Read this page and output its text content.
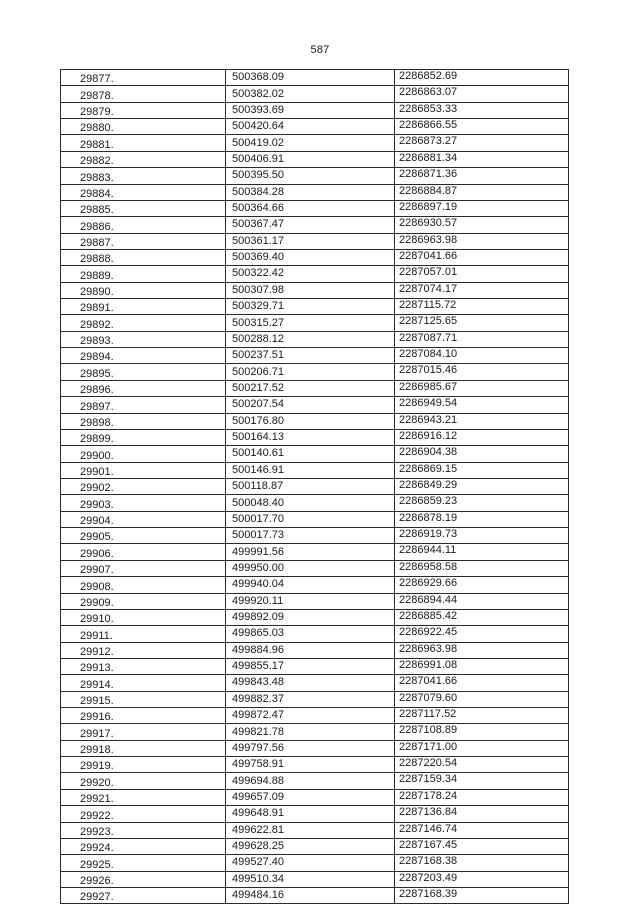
587
29877.	500368.09	2286852.69
29878.	500382.02	2286863.07
29879.	500393.69	2286853.33
29880.	500420.64	2286866.55
29881.	500419.02	2286873.27
29882.	500406.91	2286881.34
29883.	500395.50	2286871.36
29884.	500384.28	2286884.87
29885.	500364.66	2286897.19
29886.	500367.47	2286930.57
29887.	500361.17	2286963.98
29888.	500369.40	2287041.66
29889.	500322.42	2287057.01
29890.	500307.98	2287074.17
29891.	500329.71	2287115.72
29892.	500315.27	2287125.65
29893.	500288.12	2287087.71
29894.	500237.51	2287084.10
29895.	500206.71	2287015.46
29896.	500217.52	2286985.67
29897.	500207.54	2286949.54
29898.	500176.80	2286943.21
29899.	500164.13	2286916.12
29900.	500140.61	2286904.38
29901.	500146.91	2286869.15
29902.	500118.87	2286849.29
29903.	500048.40	2286859.23
29904.	500017.70	2286878.19
29905.	500017.73	2286919.73
29906.	499991.56	2286944.11
29907.	499950.00	2286958.58
29908.	499940.04	2286929.66
29909.	499920.11	2286894.44
29910.	499892.09	2286885.42
29911.	499865.03	2286922.45
29912.	499884.96	2286963.98
29913.	499855.17	2286991.08
29914.	499843.48	2287041.66
29915.	499882.37	2287079.60
29916.	499872.47	2287117.52
29917.	499821.78	2287108.89
29918.	499797.56	2287171.00
29919.	499758.91	2287220.54
29920.	499694.88	2287159.34
29921.	499657.09	2287178.24
29922.	499648.91	2287136.84
29923.	499622.81	2287146.74
29924.	499628.25	2287167.45
29925.	499527.40	2287168.38
29926.	499510.34	2287203.49
29927.	499484.16	2287168.39
